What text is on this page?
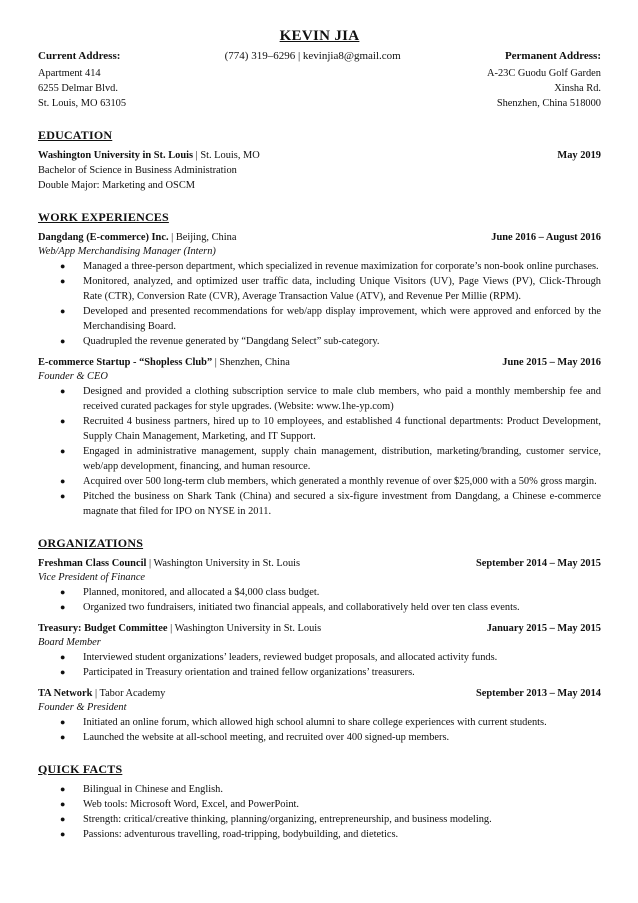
KEVIN JIA
Current Address:	(774) 319–6296 | kevinjia8@gmail.com	Permanent Address:
Apartment 414
6255 Delmar Blvd.
St. Louis, MO 63105
A-23C Guodu Golf Garden
Xinsha Rd.
Shenzhen, China 518000
EDUCATION
Washington University in St. Louis | St. Louis, MO	May 2019
Bachelor of Science in Business Administration
Double Major: Marketing and OSCM
WORK EXPERIENCES
Dangdang (E-commerce) Inc. | Beijing, China	June 2016 – August 2016
Web/App Merchandising Manager (Intern)
● Managed a three-person department, which specialized in revenue maximization for corporate’s non-book online purchases.
● Monitored, analyzed, and optimized user traffic data, including Unique Visitors (UV), Page Views (PV), Click-Through Rate (CTR), Conversion Rate (CVR), Average Transaction Value (ATV), and Revenue Per Millie (RPM).
● Developed and presented recommendations for web/app display improvement, which were approved and enforced by the Merchandising Board.
● Quadrupled the revenue generated by “Dangdang Select” sub-category.
E-commerce Startup - “Shopless Club” | Shenzhen, China	June 2015 – May 2016
Founder & CEO
● Designed and provided a clothing subscription service to male club members, who paid a monthly membership fee and received curated packages for style upgrades. (Website: www.1he-yp.com)
● Recruited 4 business partners, hired up to 10 employees, and established 4 functional departments: Product Development, Supply Chain Management, Marketing, and IT Support.
● Engaged in administrative management, supply chain management, distribution, marketing/branding, customer service, web/app development, financing, and human resource.
● Acquired over 500 long-term club members, which generated a monthly revenue of over $25,000 with a 50% gross margin.
● Pitched the business on Shark Tank (China) and secured a six-figure investment from Dangdang, a Chinese e-commerce magnate that filed for IPO on NYSE in 2011.
ORGANIZATIONS
Freshman Class Council | Washington University in St. Louis	September 2014 – May 2015
Vice President of Finance
● Planned, monitored, and allocated a $4,000 class budget.
● Organized two fundraisers, initiated two financial appeals, and collaboratively held over ten class events.
Treasury: Budget Committee | Washington University in St. Louis	January 2015 – May 2015
Board Member
● Interviewed student organizations’ leaders, reviewed budget proposals, and allocated activity funds.
● Participated in Treasury orientation and trained fellow organizations’ treasurers.
TA Network | Tabor Academy	September 2013 – May 2014
Founder & President
● Initiated an online forum, which allowed high school alumni to share college experiences with current students.
● Launched the website at all-school meeting, and recruited over 400 signed-up members.
QUICK FACTS
● Bilingual in Chinese and English.
● Web tools: Microsoft Word, Excel, and PowerPoint.
● Strength: critical/creative thinking, planning/organizing, entrepreneurship, and business modeling.
● Passions: adventurous travelling, road-tripping, bodybuilding, and dietetics.
